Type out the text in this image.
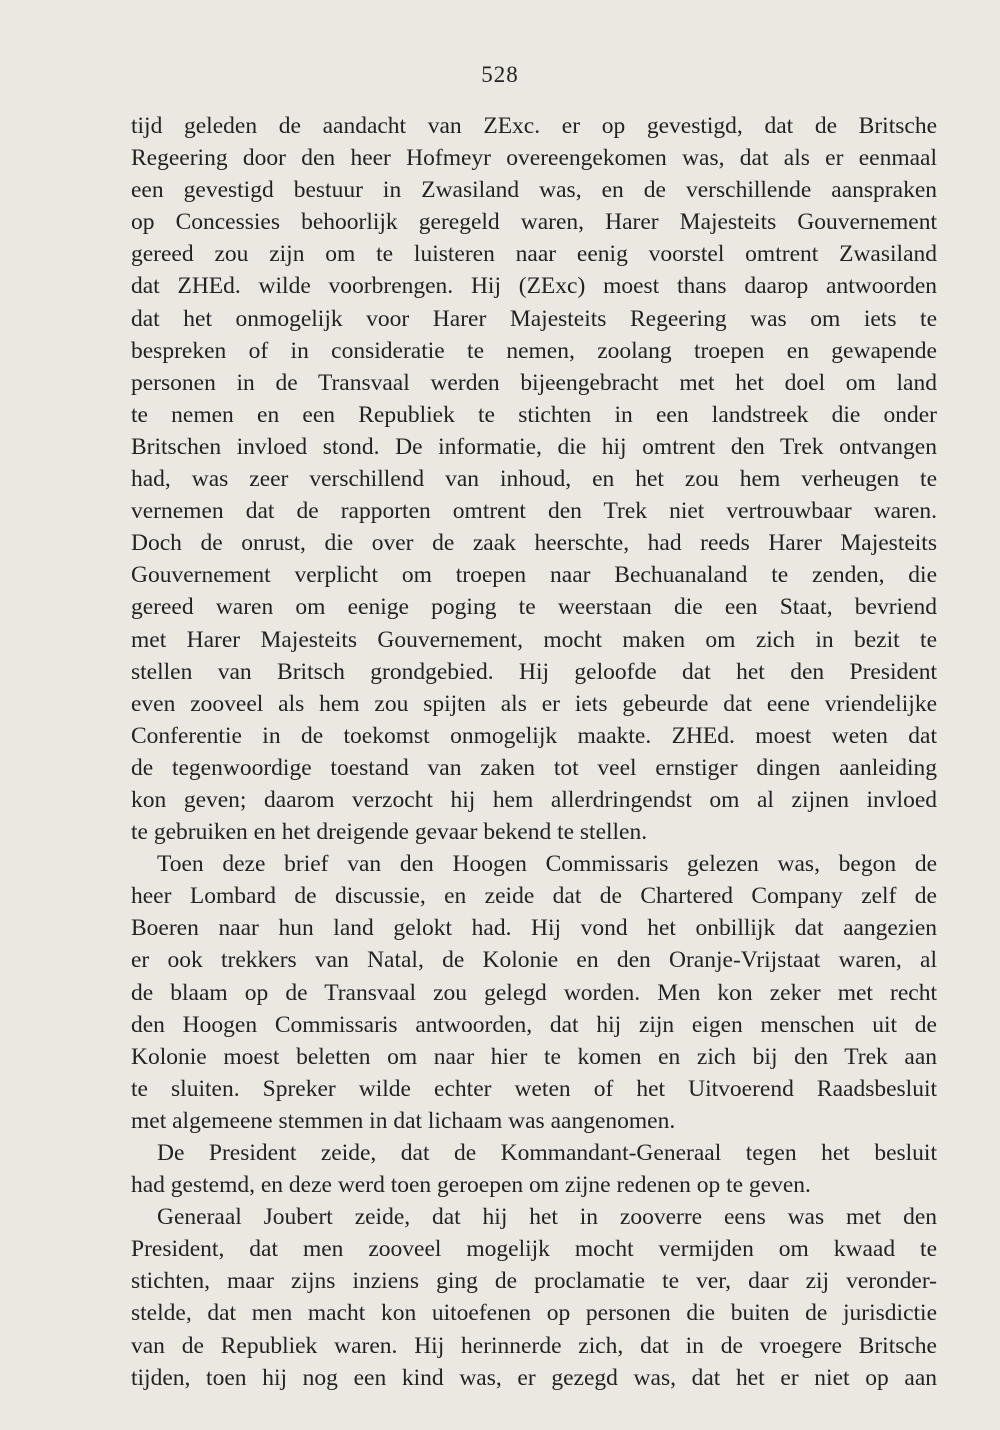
528
tijd geleden de aandacht van ZExc. er op gevestigd, dat de Britsche
Regeering door den heer Hofmeyr overeengekomen was, dat als er eenmaal
een gevestigd bestuur in Zwasiland was, en de verschillende aanspraken
op Concessies behoorlijk geregeld waren, Harer Majesteits Gouvernement
gereed zou zijn om te luisteren naar eenig voorstel omtrent Zwasiland
dat ZHEd. wilde voorbrengen. Hij (ZExc) moest thans daarop antwoorden
dat het onmogelijk voor Harer Majesteits Regeering was om iets te
bespreken of in consideratie te nemen, zoolang troepen en gewapende
personen in de Transvaal werden bijeengebracht met het doel om land
te nemen en een Republiek te stichten in een landstreek die onder
Britschen invloed stond. De informatie, die hij omtrent den Trek ontvangen
had, was zeer verschillend van inhoud, en het zou hem verheugen te
vernemen dat de rapporten omtrent den Trek niet vertrouwbaar waren.
Doch de onrust, die over de zaak heerschte, had reeds Harer Majesteits
Gouvernement verplicht om troepen naar Bechuanaland te zenden, die
gereed waren om eenige poging te weerstaan die een Staat, bevriend
met Harer Majesteits Gouvernement, mocht maken om zich in bezit te
stellen van Britsch grondgebied. Hij geloofde dat het den President
even zooveel als hem zou spijten als er iets gebeurde dat eene vriendelijke
Conferentie in de toekomst onmogelijk maakte. ZHEd. moest weten dat
de tegenwoordige toestand van zaken tot veel ernstiger dingen aanleiding
kon geven; daarom verzocht hij hem allerdringendst om al zijnen invloed
te gebruiken en het dreigende gevaar bekend te stellen.
Toen deze brief van den Hoogen Commissaris gelezen was, begon de
heer Lombard de discussie, en zeide dat de Chartered Company zelf de
Boeren naar hun land gelokt had. Hij vond het onbillijk dat aangezien
er ook trekkers van Natal, de Kolonie en den Oranje-Vrijstaat waren, al
de blaam op de Transvaal zou gelegd worden. Men kon zeker met recht
den Hoogen Commissaris antwoorden, dat hij zijn eigen menschen uit de
Kolonie moest beletten om naar hier te komen en zich bij den Trek aan
te sluiten. Spreker wilde echter weten of het Uitvoerend Raadsbesluit
met algemeene stemmen in dat lichaam was aangenomen.
De President zeide, dat de Kommandant-Generaal tegen het besluit
had gestemd, en deze werd toen geroepen om zijne redenen op te geven.
Generaal Joubert zeide, dat hij het in zooverre eens was met den
President, dat men zooveel mogelijk mocht vermijden om kwaad te
stichten, maar zijns inziens ging de proclamatie te ver, daar zij veronder-
stelde, dat men macht kon uitoefenen op personen die buiten de jurisdictie
van de Republiek waren. Hij herinnerde zich, dat in de vroegere Britsche
tijden, toen hij nog een kind was, er gezegd was, dat het er niet op aan
